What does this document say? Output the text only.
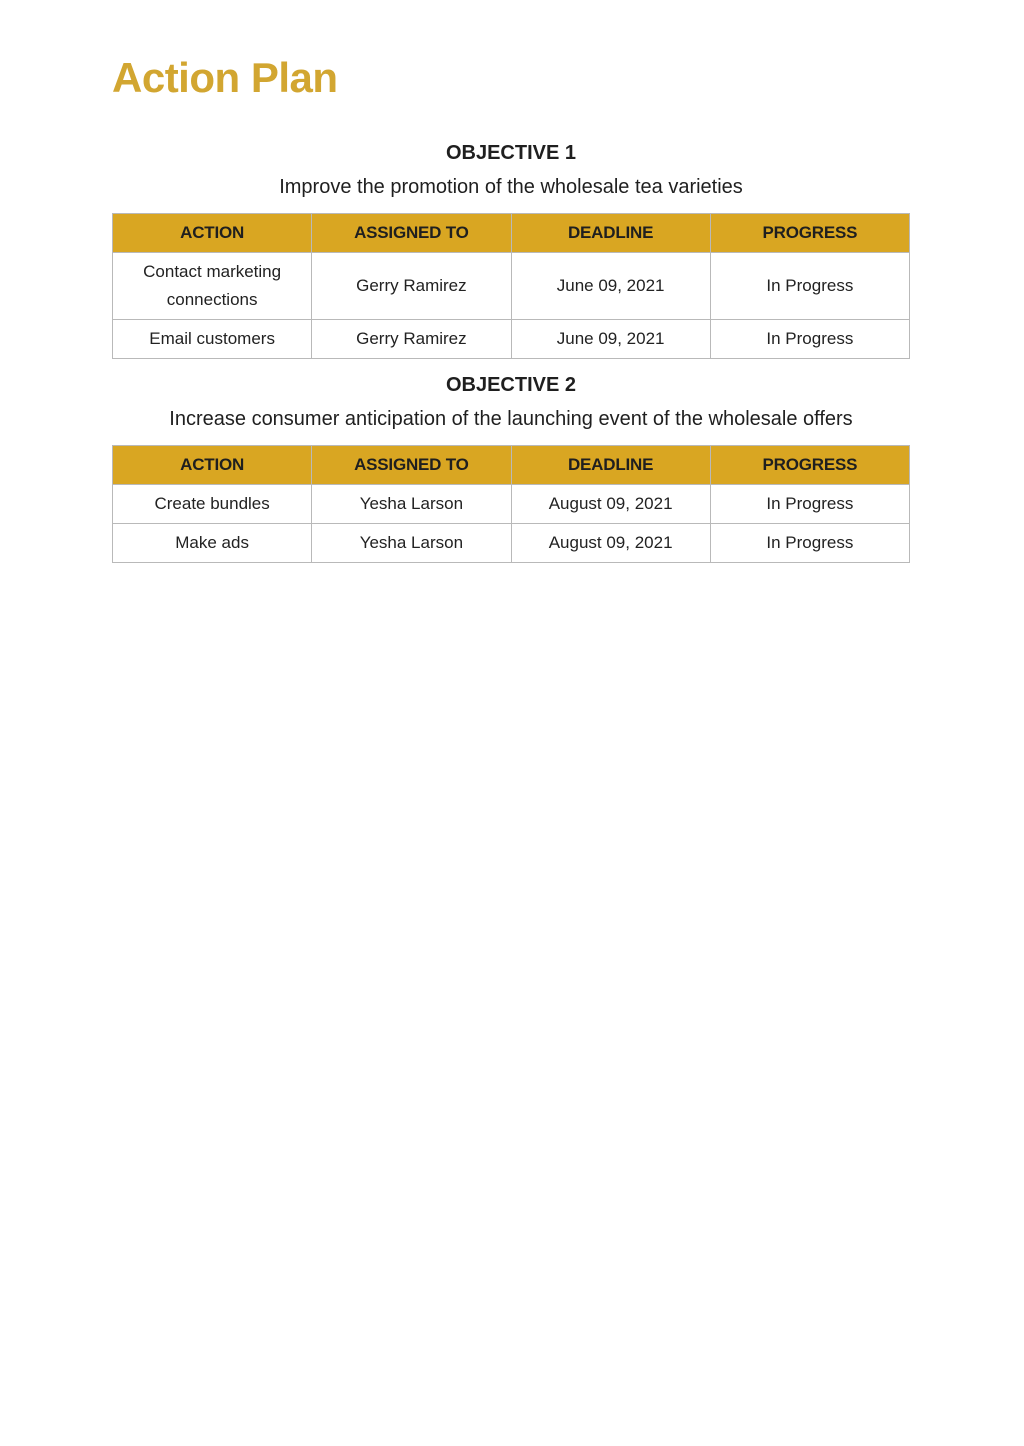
Action Plan
OBJECTIVE 1
Improve the promotion of the wholesale tea varieties
ACTION	ASSIGNED TO	DEADLINE	PROGRESS
Contact marketing connections	Gerry Ramirez	June 09, 2021	In Progress
Email customers	Gerry Ramirez	June 09, 2021	In Progress
OBJECTIVE 2
Increase consumer anticipation of the launching event of the wholesale offers
ACTION	ASSIGNED TO	DEADLINE	PROGRESS
Create bundles	Yesha Larson	August 09, 2021	In Progress
Make ads	Yesha Larson	August 09, 2021	In Progress
